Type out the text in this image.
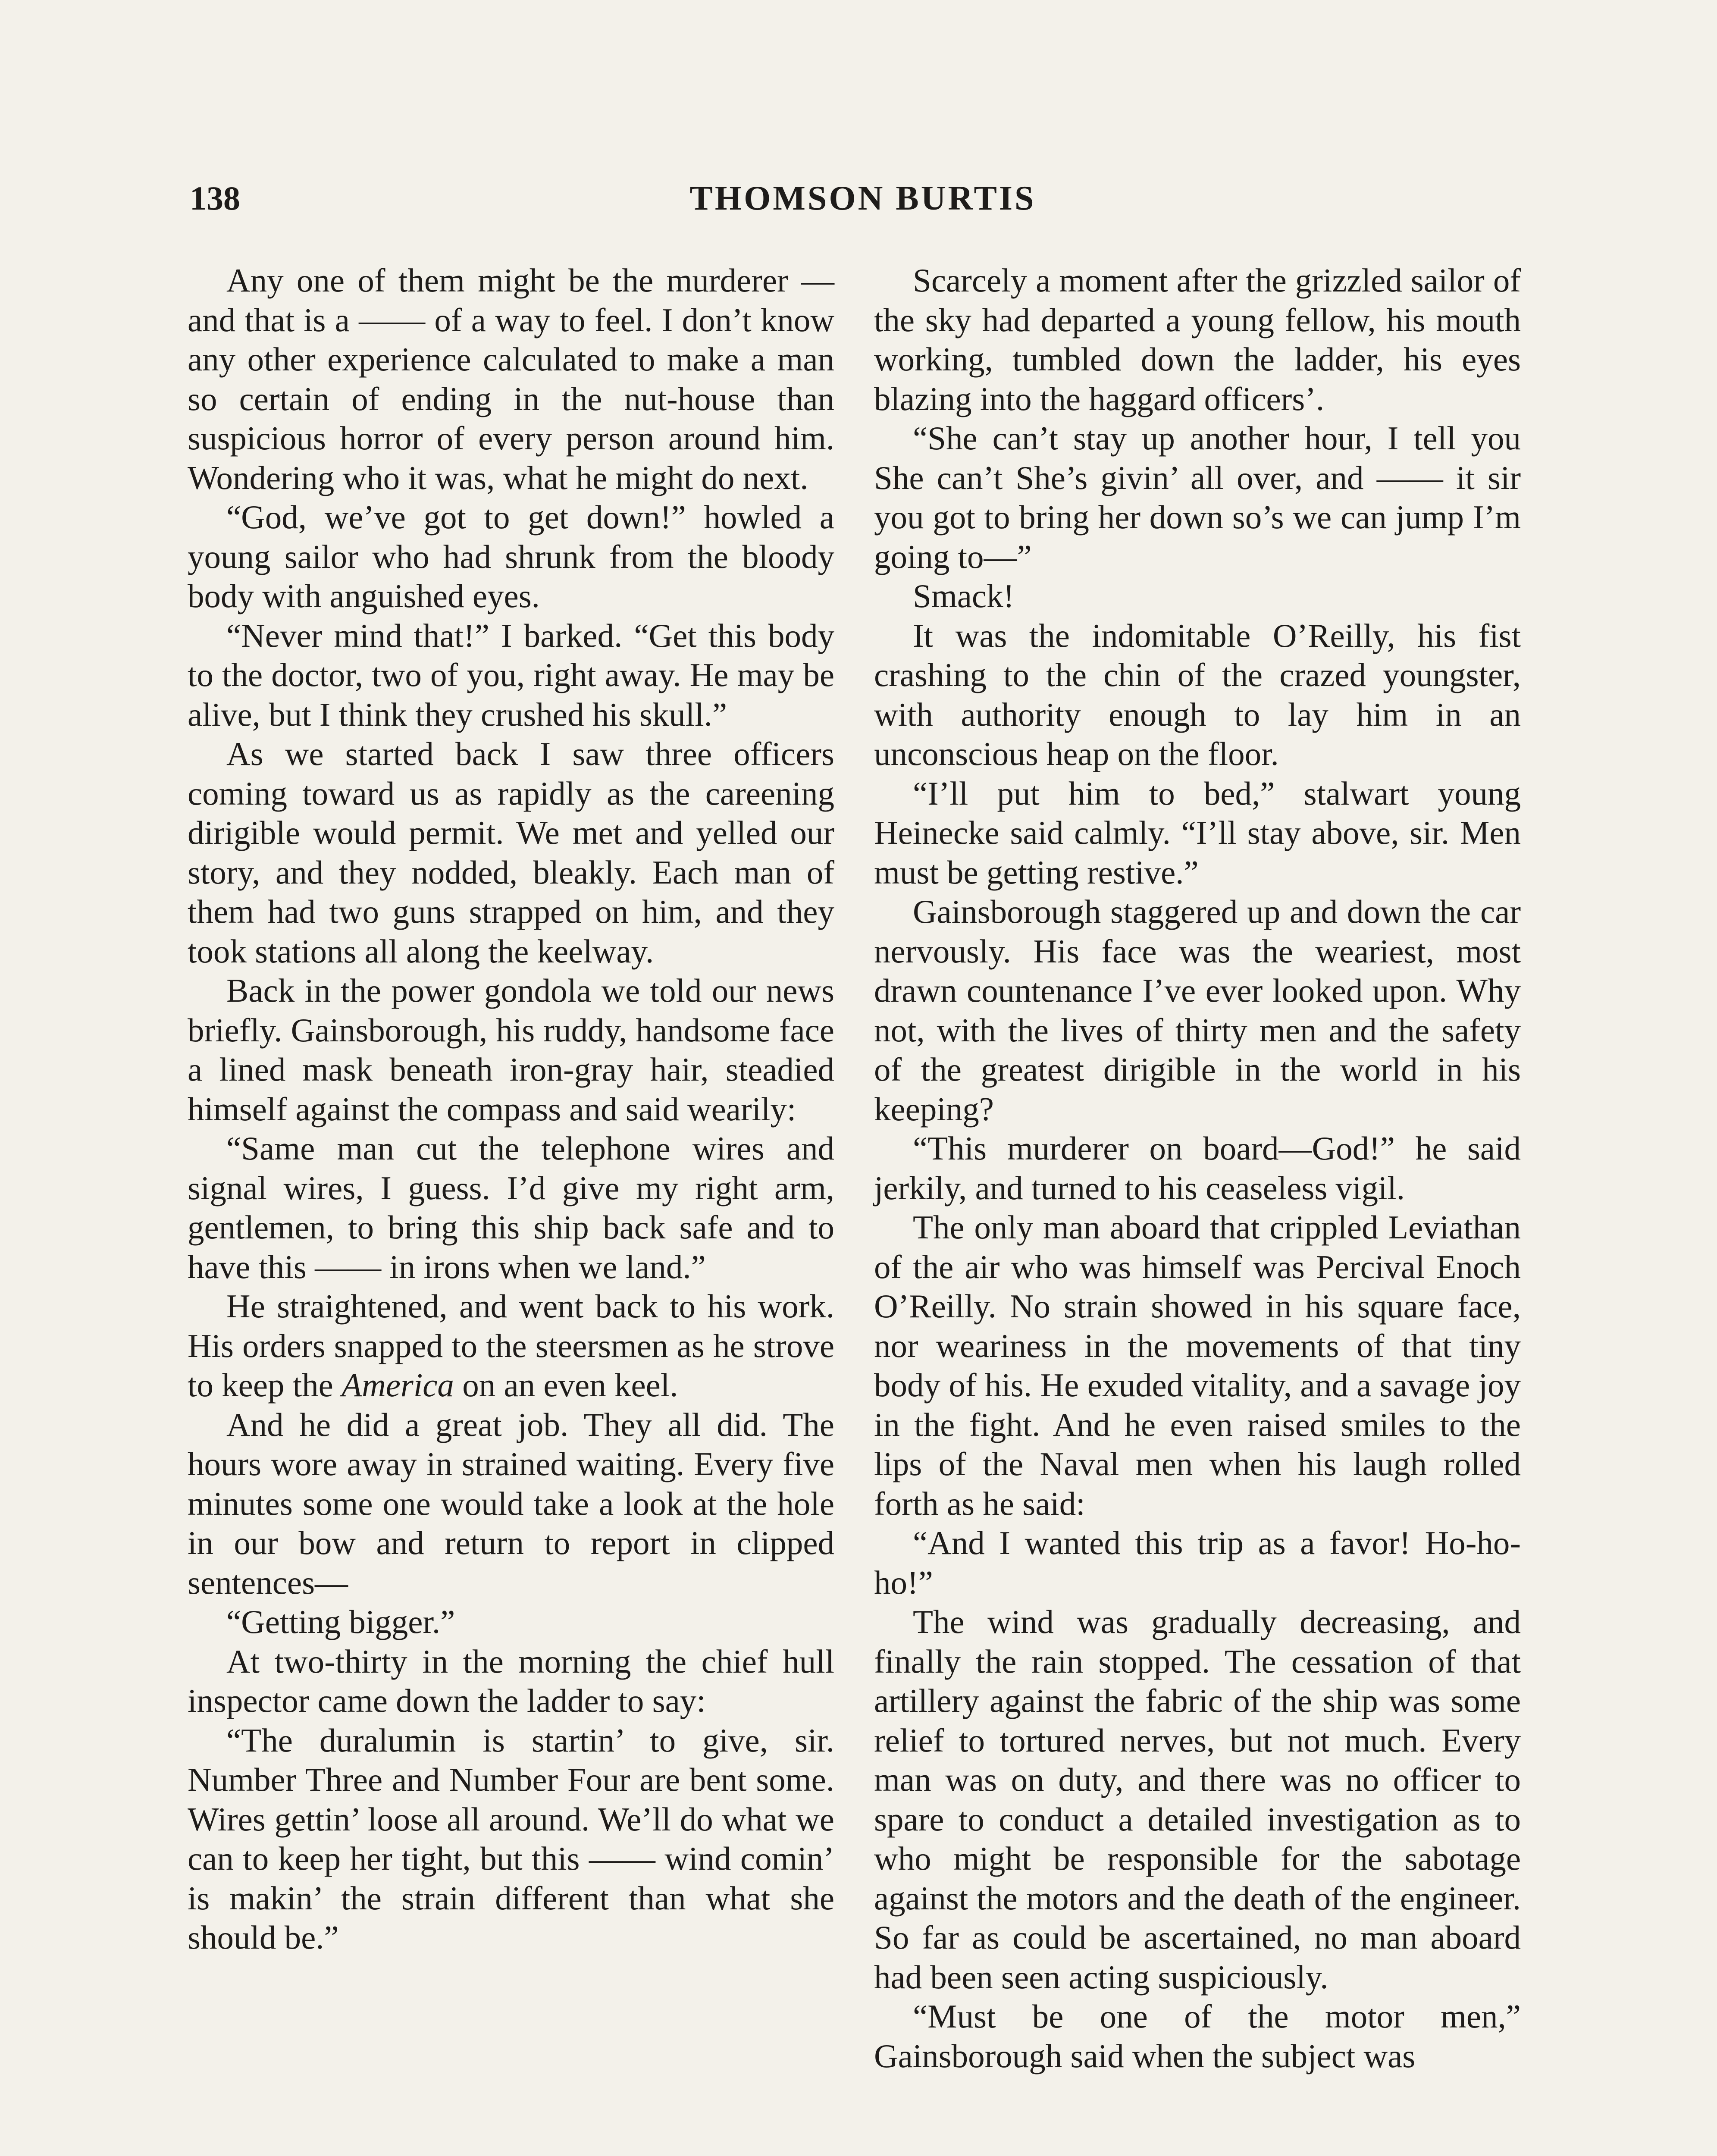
138	THOMSON BURTIS

Any one of them might be the murderer —and that is a —— of a way to feel. I don’t know any other experience calculated to make a man so certain of ending in the nut-house than suspicious horror of every person around him. Wondering who it was, what he might do next.

“God, we’ve got to get down!” howled a young sailor who had shrunk from the bloody body with anguished eyes.

“Never mind that!” I barked. “Get this body to the doctor, two of you, right away. He may be alive, but I think they crushed his skull.”

As we started back I saw three officers coming toward us as rapidly as the careening dirigible would permit. We met and yelled our story, and they nodded, bleakly. Each man of them had two guns strapped on him, and they took stations all along the keelway.

Back in the power gondola we told our news briefly. Gainsborough, his ruddy, handsome face a lined mask beneath iron-gray hair, steadied himself against the compass and said wearily:

“Same man cut the telephone wires and signal wires, I guess. I’d give my right arm, gentlemen, to bring this ship back safe and to have this —— in irons when we land.”

He straightened, and went back to his work. His orders snapped to the steersmen as he strove to keep the America on an even keel.

And he did a great job. They all did. The hours wore away in strained waiting. Every five minutes some one would take a look at the hole in our bow and return to report in clipped sentences—

“Getting bigger.”

At two-thirty in the morning the chief hull inspector came down the ladder to say:

“The duralumin is startin’ to give, sir. Number Three and Number Four are bent some. Wires gettin’ loose all around. We’ll do what we can to keep her tight, but this —— wind comin’ is makin’ the strain different than what she should be.”

Scarcely a moment after the grizzled sailor of the sky had departed a young fellow, his mouth working, tumbled down the ladder, his eyes blazing into the haggard officers’.

“She can’t stay up another hour, I tell you She can’t She’s givin’ all over, and —— it sir you got to bring her down so’s we can jump I’m going to—”

Smack!

It was the indomitable O’Reilly, his fist crashing to the chin of the crazed youngster, with authority enough to lay him in an unconscious heap on the floor.

“I’ll put him to bed,” stalwart young Heinecke said calmly. “I’ll stay above, sir. Men must be getting restive.”

Gainsborough staggered up and down the car nervously. His face was the weariest, most drawn countenance I’ve ever looked upon. Why not, with the lives of thirty men and the safety of the greatest dirigible in the world in his keeping?

“This murderer on board—God!” he said jerkily, and turned to his ceaseless vigil.

The only man aboard that crippled Leviathan of the air who was himself was Percival Enoch O’Reilly. No strain showed in his square face, nor weariness in the movements of that tiny body of his. He exuded vitality, and a savage joy in the fight. And he even raised smiles to the lips of the Naval men when his laugh rolled forth as he said:

“And I wanted this trip as a favor! Ho-ho-ho!”

The wind was gradually decreasing, and finally the rain stopped. The cessation of that artillery against the fabric of the ship was some relief to tortured nerves, but not much. Every man was on duty, and there was no officer to spare to conduct a detailed investigation as to who might be responsible for the sabotage against the motors and the death of the engineer. So far as could be ascertained, no man aboard had been seen acting suspiciously.

“Must be one of the motor men,” Gainsborough said when the subject was
